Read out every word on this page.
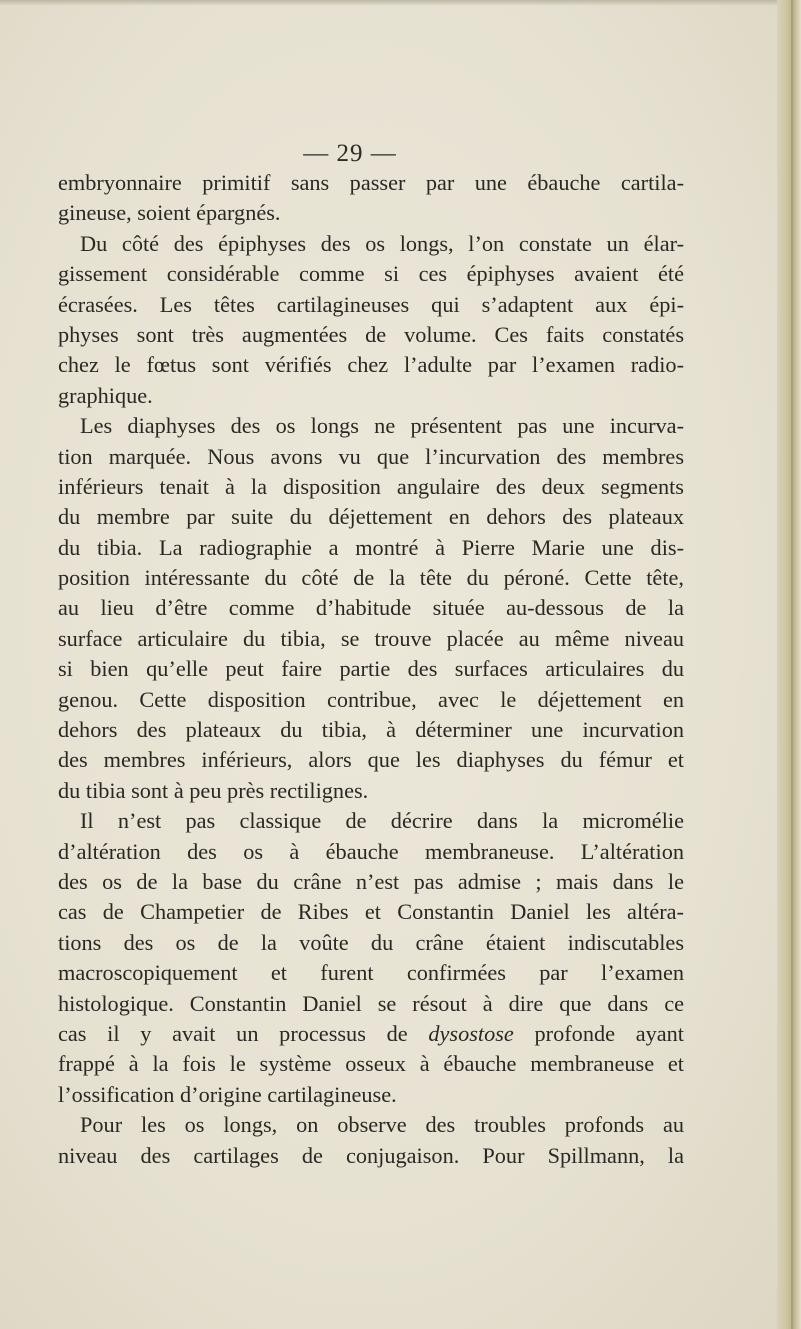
— 29 —
embryonnaire primitif sans passer par une ébauche cartila-
gineuse, soient épargnés.
Du côté des épiphyses des os longs, l’on constate un élar-
gissement considérable comme si ces épiphyses avaient été
écrasées. Les têtes cartilagineuses qui s’adaptent aux épi-
physes sont très augmentées de volume. Ces faits constatés
chez le fœtus sont vérifiés chez l’adulte par l’examen radio-
graphique.
Les diaphyses des os longs ne présentent pas une incurva-
tion marquée. Nous avons vu que l’incurvation des membres
inférieurs tenait à la disposition angulaire des deux segments
du membre par suite du déjettement en dehors des plateaux
du tibia. La radiographie a montré à Pierre Marie une dis-
position intéressante du côté de la tête du péroné. Cette tête,
au lieu d’être comme d’habitude située au-dessous de la
surface articulaire du tibia, se trouve placée au même niveau
si bien qu’elle peut faire partie des surfaces articulaires du
genou. Cette disposition contribue, avec le déjettement en
dehors des plateaux du tibia, à déterminer une incurvation
des membres inférieurs, alors que les diaphyses du fémur et
du tibia sont à peu près rectilignes.
Il n’est pas classique de décrire dans la micromélie
d’altération des os à ébauche membraneuse. L’altération
des os de la base du crâne n’est pas admise ; mais dans le
cas de Champetier de Ribes et Constantin Daniel les altéra-
tions des os de la voûte du crâne étaient indiscutables
macroscopiquement et furent confirmées par l’examen
histologique. Constantin Daniel se résout à dire que dans ce
cas il y avait un processus de dysostose profonde ayant
frappé à la fois le système osseux à ébauche membraneuse et
l’ossification d’origine cartilagineuse.
Pour les os longs, on observe des troubles profonds au
niveau des cartilages de conjugaison. Pour Spillmann, la
